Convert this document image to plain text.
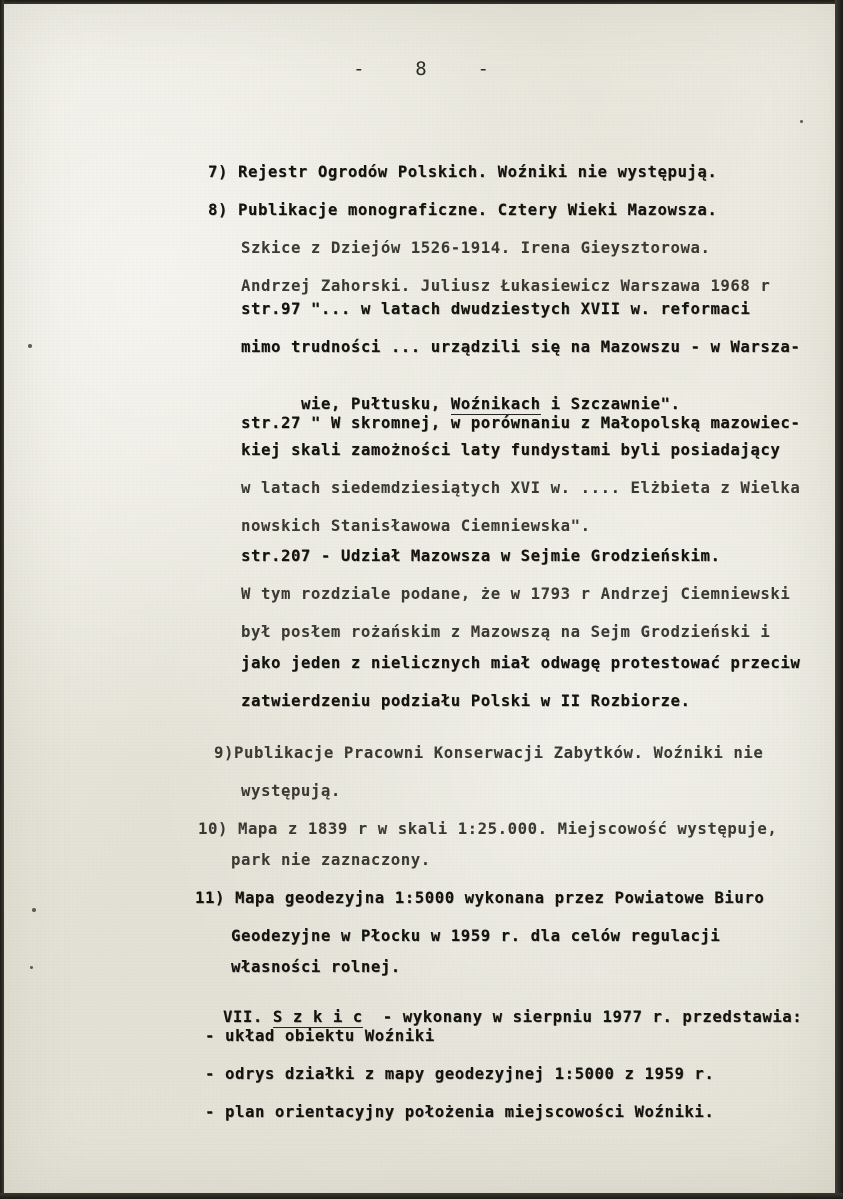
-    8    -
7) Rejestr Ogrodów Polskich. Woźniki nie występują.
8) Publikacje monograficzne. Cztery Wieki Mazowsza.
Szkice z Dziejów 1526-1914. Irena Gieysztorowa.
Andrzej Zahorski. Juliusz Łukasiewicz Warszawa 1968 r
str.97 "... w latach dwudziestych XVII w. reformaci
mimo trudności ... urządzili się na Mazowszu - w Warsza-
str.27 " W skromnej, w porównaniu z Małopolską mazowiec-
kiej skali zamożności laty fundystami byli posiadający
w latach siedemdziesiątych XVI w. .... Elżbieta z Wielka
nowskich Stanisławowa Ciemniewska".
str.207 - Udział Mazowsza w Sejmie Grodzieńskim.
W tym rozdziale podane, że w 1793 r Andrzej Ciemniewski
był posłem rożańskim z Mazowszą na Sejm Grodzieński i
jako jeden z nielicznych miał odwagę protestować przeciw
zatwierdzeniu podziału Polski w II Rozbiorze.
9)Publikacje Pracowni Konserwacji Zabytków. Woźniki nie
występują.
10) Mapa z 1839 r w skali 1:25.000. Miejscowość występuje,
park nie zaznaczony.
11) Mapa geodezyjna 1:5000 wykonana przez Powiatowe Biuro
Geodezyjne w Płocku w 1959 r. dla celów regulacji
własności rolnej.
- układ obiektu Woźniki
- odrys działki z mapy geodezyjnej 1:5000 z 1959 r.
- plan orientacyjny położenia miejscowości Woźniki.

wie, Pułtusku, Woźnikach i Szczawnie".

VII. S z k i c  - wykonany w sierpniu 1977 r. przedstawia:
